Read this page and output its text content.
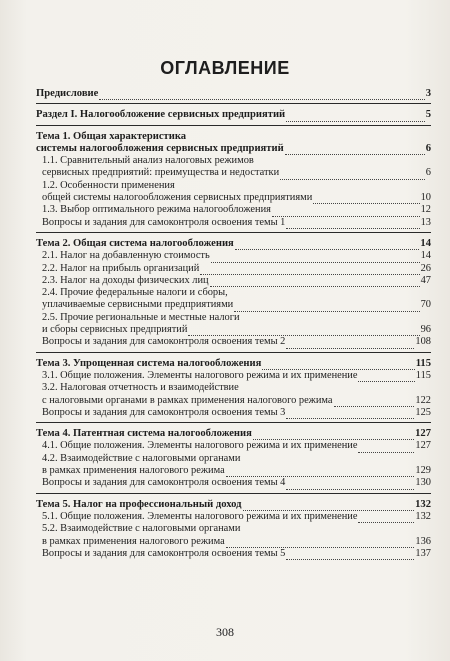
ОГЛАВЛЕНИЕ
Предисловие	3
Раздел I. Налогообложение сервисных предприятий	5
Тема 1. Общая характеристика
системы налогообложения сервисных предприятий	6
1.1. Сравнительный анализ налоговых режимов
сервисных предприятий: преимущества и недостатки	6
1.2. Особенности применения
общей системы налогообложения сервисных предприятиями	10
1.3. Выбор оптимального режима налогообложения	12
Вопросы и задания для самоконтроля освоения темы 1	13
Тема 2. Общая система налогообложения	14
2.1. Налог на добавленную стоимость	14
2.2. Налог на прибыль организаций	26
2.3. Налог на доходы физических лиц	47
2.4. Прочие федеральные налоги и сборы,
уплачиваемые сервисными предприятиями	70
2.5. Прочие региональные и местные налоги
и сборы сервисных предприятий	96
Вопросы и задания для самоконтроля освоения темы 2	108
Тема 3. Упрощенная система налогообложения	115
3.1. Общие положения. Элементы налогового режима и их применение	115
3.2. Налоговая отчетность и взаимодействие
с налоговыми органами в рамках применения налогового режима	122
Вопросы и задания для самоконтроля освоения темы 3	125
Тема 4. Патентная система налогообложения	127
4.1. Общие положения. Элементы налогового режима и их применение	127
4.2. Взаимодействие с налоговыми органами
в рамках применения налогового режима	129
Вопросы и задания для самоконтроля освоения темы 4	130
Тема 5. Налог на профессиональный доход	132
5.1. Общие положения. Элементы налогового режима и их применение	132
5.2. Взаимодействие с налоговыми органами
в рамках применения налогового режима	136
Вопросы и задания для самоконтроля освоения темы 5	137
308
